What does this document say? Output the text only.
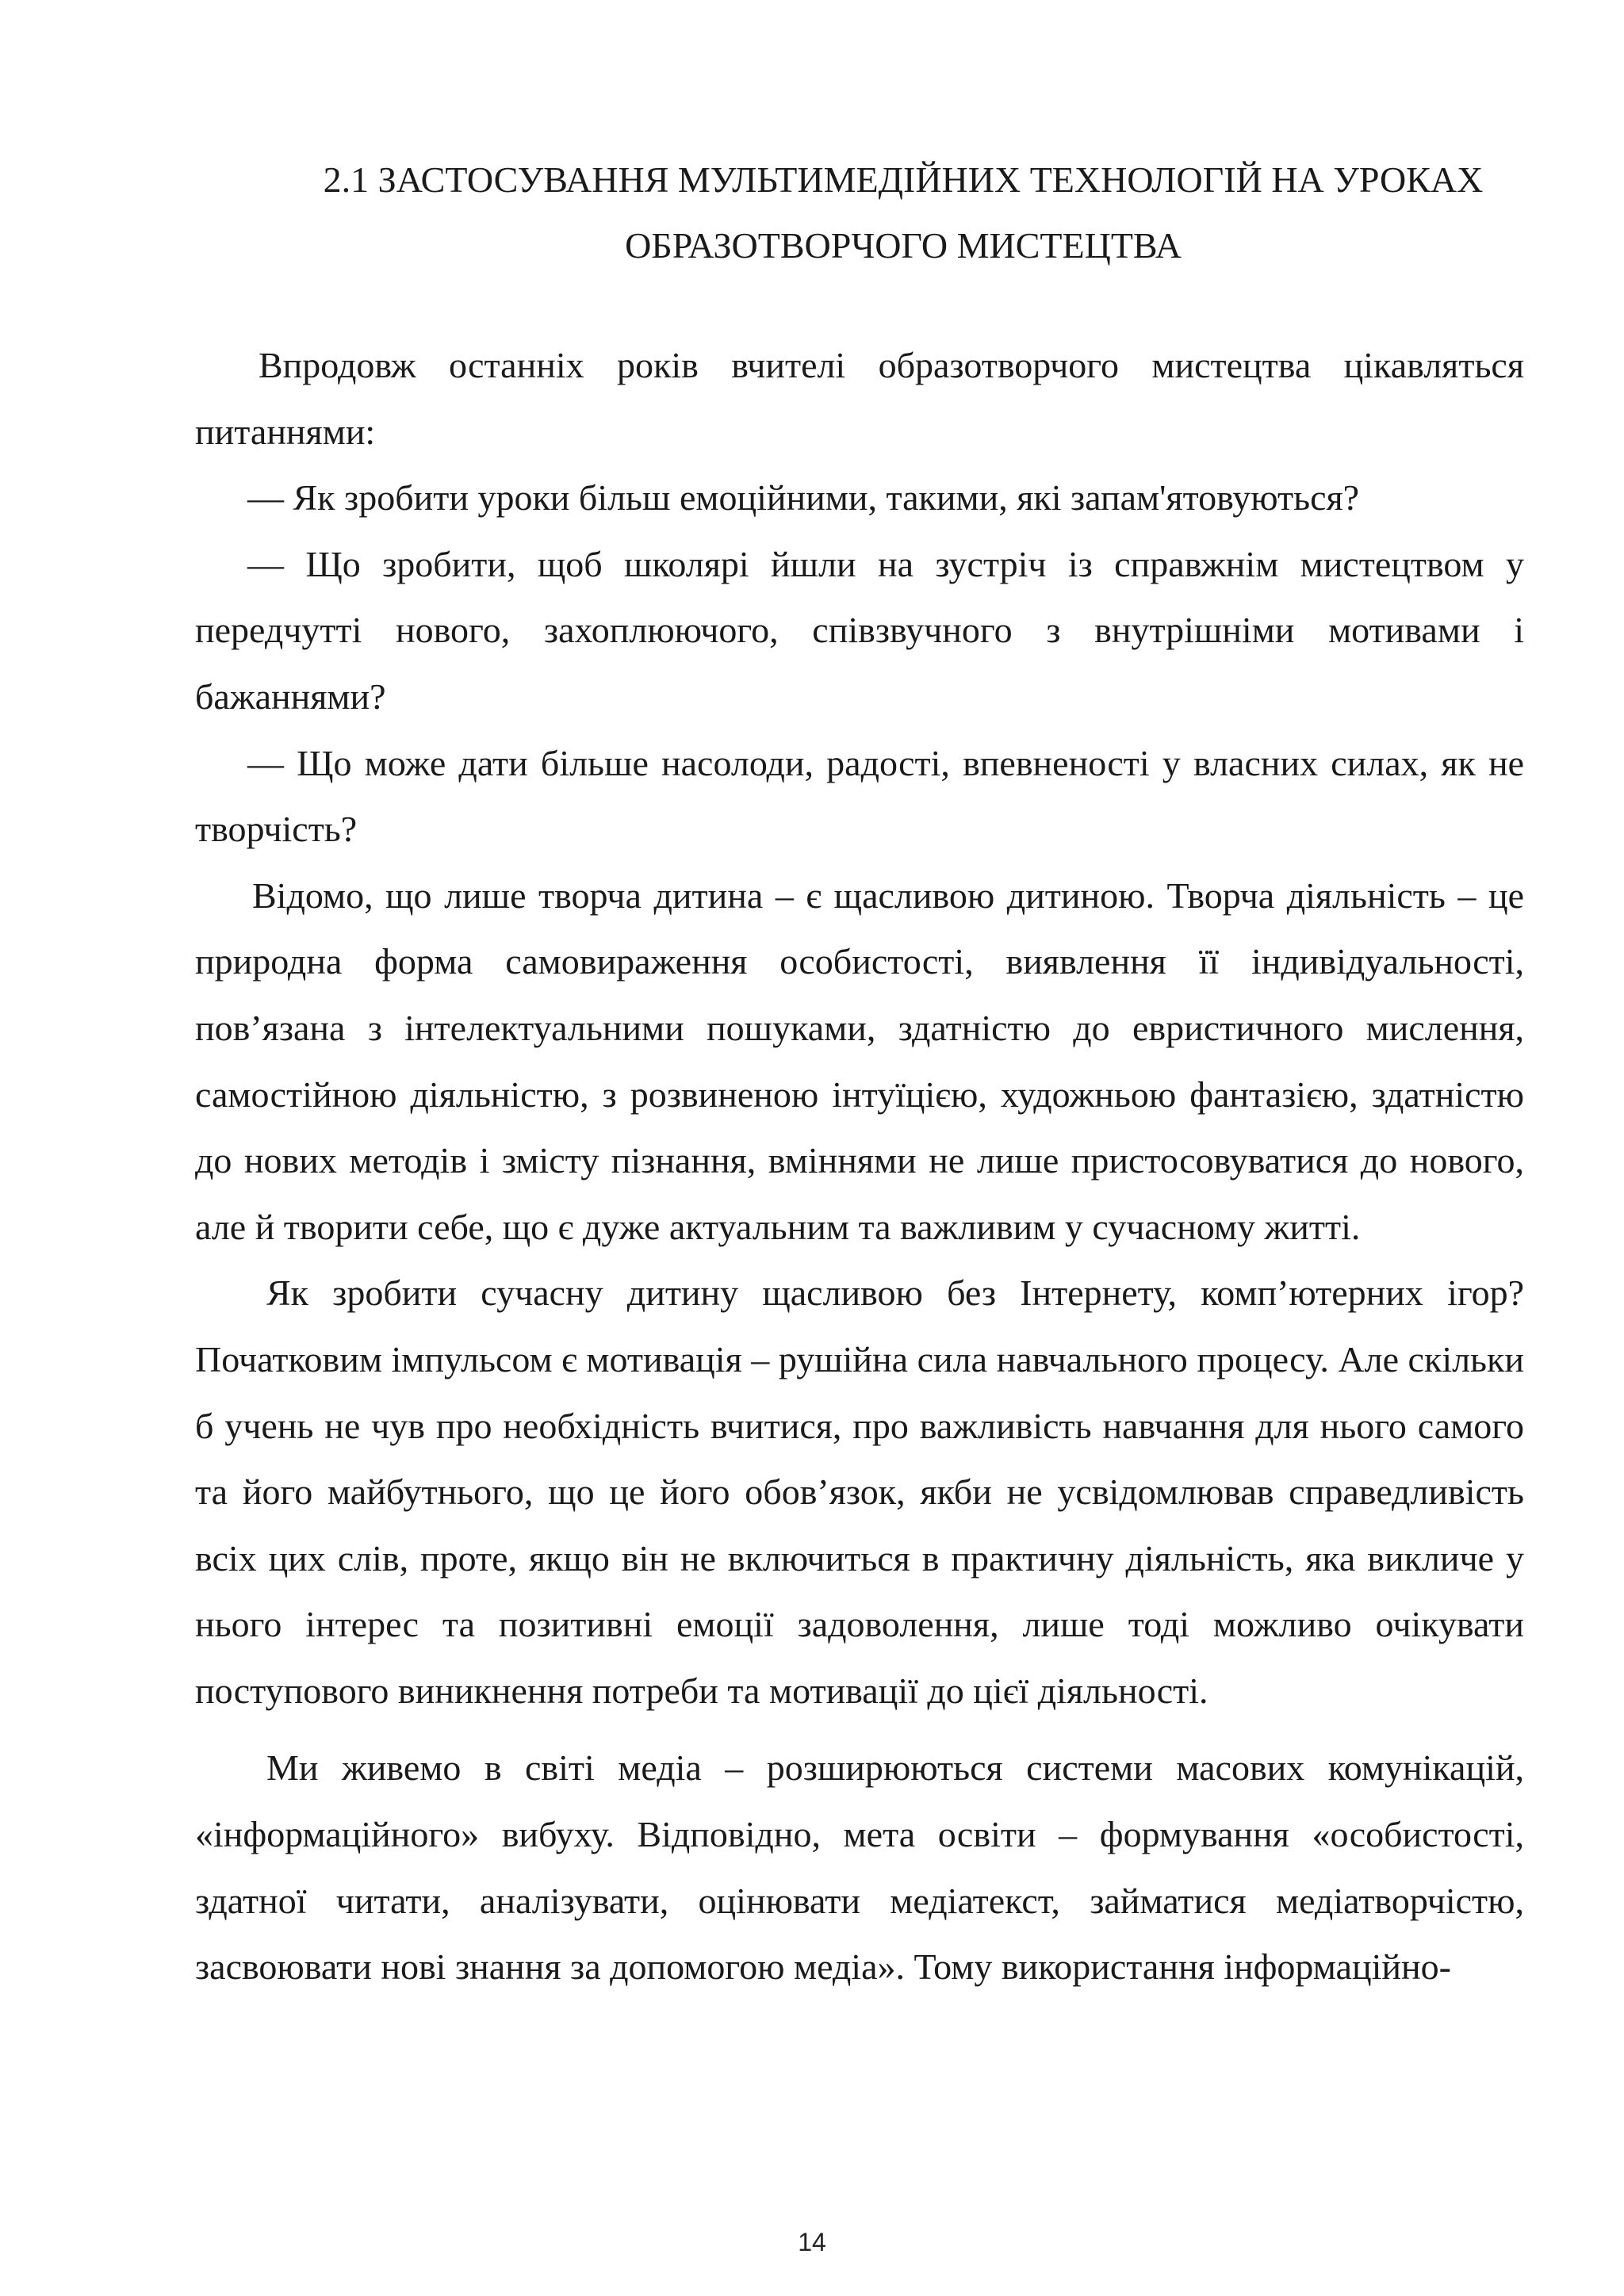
2.1 ЗАСТОСУВАННЯ МУЛЬТИМЕДІЙНИХ ТЕХНОЛОГІЙ НА УРОКАХ
ОБРАЗОТВОРЧОГО МИСТЕЦТВА

Впродовж останніх років вчителі образотворчого мистецтва цікавляться питаннями:

— Як зробити уроки більш емоційними, такими, які запам'ятовуються?

— Що зробити, щоб школярі йшли на зустріч із справжнім мистецтвом у передчутті нового, захоплюючого, співзвучного з внутрішніми мотивами і бажаннями?

— Що може дати більше насолоди, радості, впевненості у власних силах, як не творчість?

Відомо, що лише творча дитина – є щасливою дитиною. Творча діяльність – це природна форма самовираження особистості, виявлення її індивідуальності, пов’язана з інтелектуальними пошуками, здатністю до евристичного мислення, самостійною діяльністю, з розвиненою інтуїцією, художньою фантазією, здатністю до нових методів і змісту пізнання, вміннями не лише пристосовуватися до нового, але й творити себе, що є дуже актуальним та важливим у сучасному житті.

Як зробити сучасну дитину щасливою без Інтернету, комп’ютерних ігор? Початковим імпульсом є мотивація – рушійна сила навчального процесу. Але скільки б учень не чув про необхідність вчитися, про важливість навчання для нього самого та його майбутнього, що це його обов’язок, якби не усвідомлював справедливість всіх цих слів, проте, якщо він не включиться в практичну діяльність, яка викличе у нього інтерес та позитивні емоції задоволення, лише тоді можливо очікувати поступового виникнення потреби та мотивації до цієї діяльності.

Ми живемо в світі медіа – розширюються системи масових комунікацій, «інформаційного» вибуху. Відповідно, мета освіти – формування «особистості, здатної читати, аналізувати, оцінювати медіатекст, займатися медіатворчістю, засвоювати нові знання за допомогою медіа». Тому використання інформаційно-

14
